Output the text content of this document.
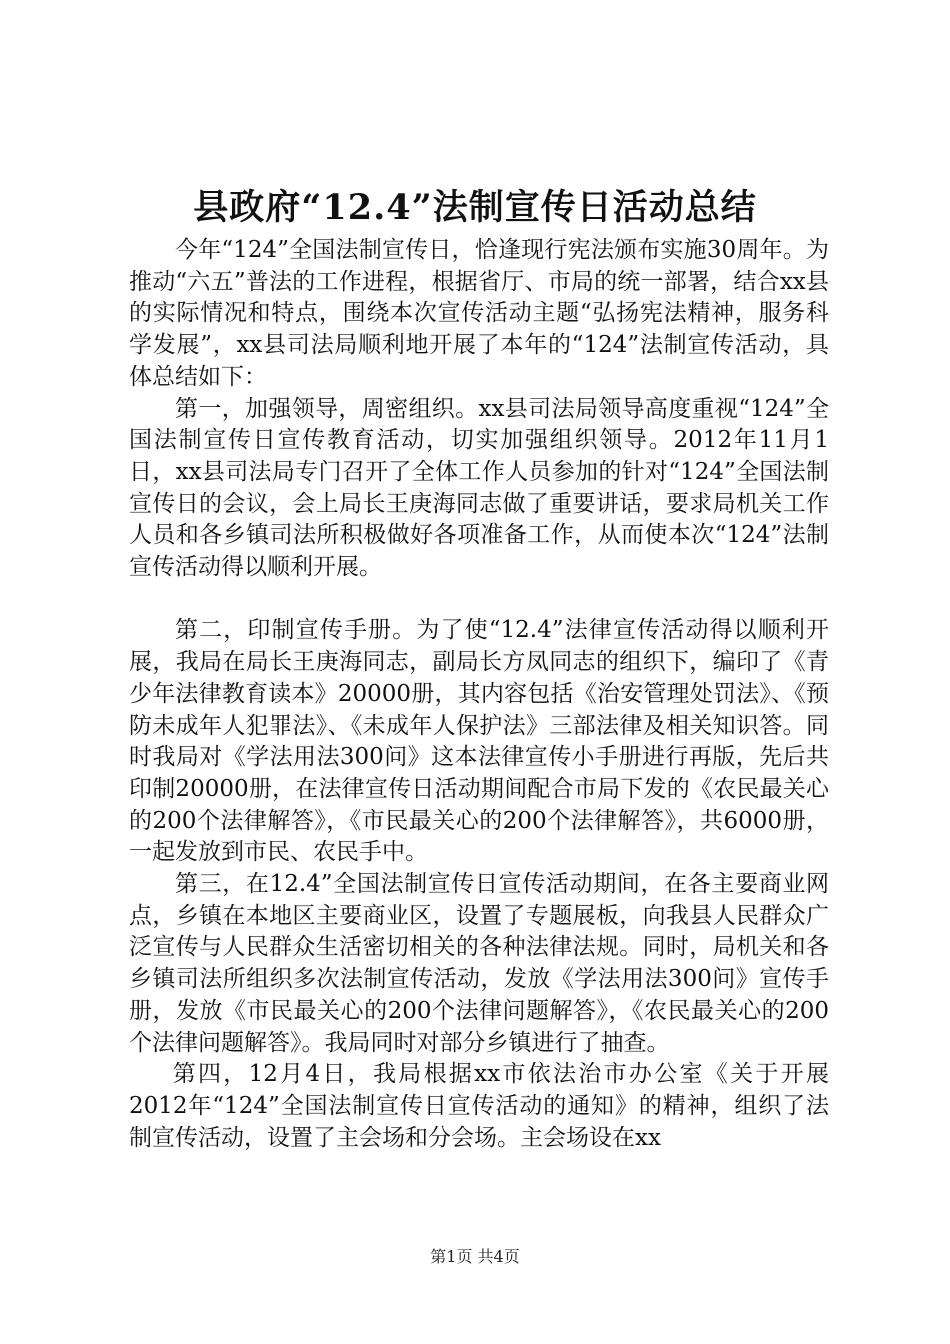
县政府“12.4”法制宣传日活动总结

今年“124”全国法制宣传日，恰逢现行宪法颁布实施30周年。为推动“六五”普法的工作进程，根据省厅、市局的统一部署，结合xx县的实际情况和特点，围绕本次宣传活动主题“弘扬宪法精神，服务科学发展”，xx县司法局顺利地开展了本年的“124”法制宣传活动，具体总结如下：

第一，加强领导，周密组织。xx县司法局领导高度重视“124”全国法制宣传日宣传教育活动，切实加强组织领导。2012年11月1日，xx县司法局专门召开了全体工作人员参加的针对“124”全国法制宣传日的会议，会上局长王庚海同志做了重要讲话，要求局机关工作人员和各乡镇司法所积极做好各项准备工作，从而使本次“124”法制宣传活动得以顺利开展。

第二，印制宣传手册。为了使“12.4”法律宣传活动得以顺利开展，我局在局长王庚海同志，副局长方凤同志的组织下，编印了《青少年法律教育读本》20000册，其内容包括《治安管理处罚法》、《预防未成年人犯罪法》、《未成年人保护法》三部法律及相关知识答。同时我局对《学法用法300问》这本法律宣传小手册进行再版，先后共印制20000册，在法律宣传日活动期间配合市局下发的《农民最关心的200个法律解答》，《市民最关心的200个法律解答》，共6000册，一起发放到市民、农民手中。

第三，在12.4”全国法制宣传日宣传活动期间，在各主要商业网点，乡镇在本地区主要商业区，设置了专题展板，向我县人民群众广泛宣传与人民群众生活密切相关的各种法律法规。同时，局机关和各乡镇司法所组织多次法制宣传活动，发放《学法用法300问》宣传手册，发放《市民最关心的200个法律问题解答》，《农民最关心的200个法律问题解答》。我局同时对部分乡镇进行了抽查。

第四，12月4日，我局根据xx市依法治市办公室《关于开展2012年“124”全国法制宣传日宣传活动的通知》的精神，组织了法制宣传活动，设置了主会场和分会场。主会场设在xx

第1页 共4页
